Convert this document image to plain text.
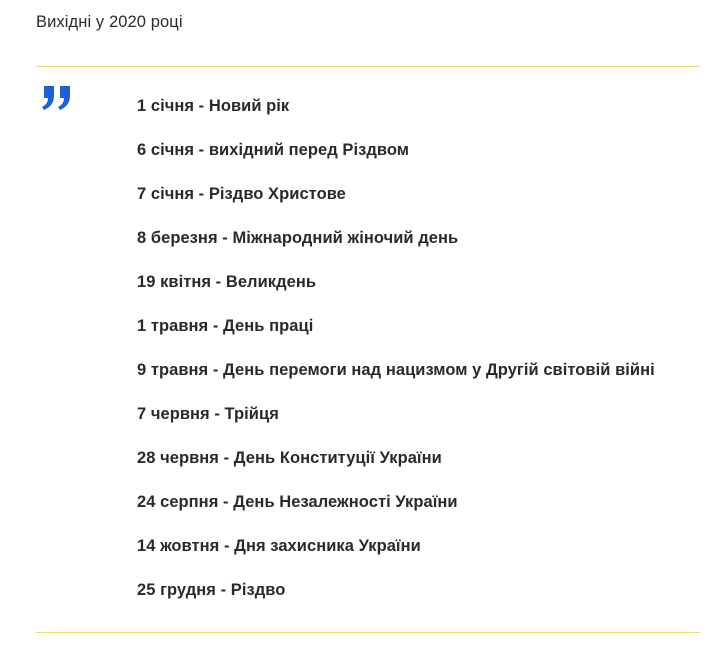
Вихідні у 2020 році
1 січня - Новий рік
6 січня - вихідний перед Різдвом
7 січня - Різдво Христове
8 березня - Міжнародний жіночий день
19 квітня - Великдень
1 травня - День праці
9 травня - День перемоги над нацизмом у Другій світовій війні
7 червня - Трійця
28 червня - День Конституції України
24 серпня - День Незалежності України
14 жовтня - Дня захисника України
25 грудня - Різдво
